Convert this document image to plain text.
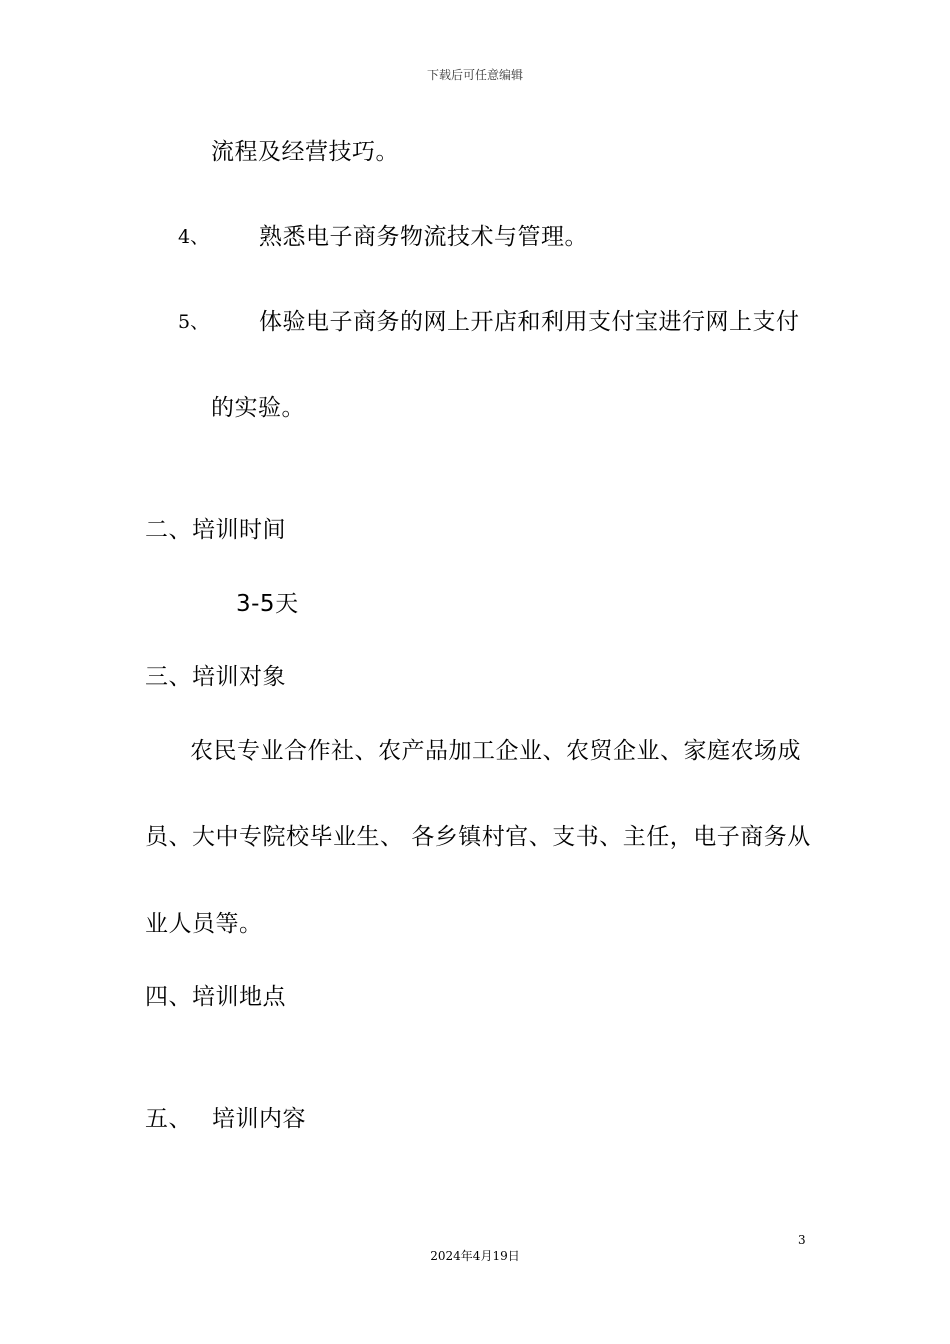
下载后可任意编辑
流程及经营技巧。
4、 熟悉电子商务物流技术与管理。
5、 体验电子商务的网上开店和利用支付宝进行网上支付
的实验。
二、培训时间
3-5天
三、培训对象
农民专业合作社、农产品加工企业、农贸企业、家庭农场成
员、大中专院校毕业生、 各乡镇村官、支书、主任，电子商务从
业人员等。
四、培训地点
五、 培训内容
3
2024年4月19日
